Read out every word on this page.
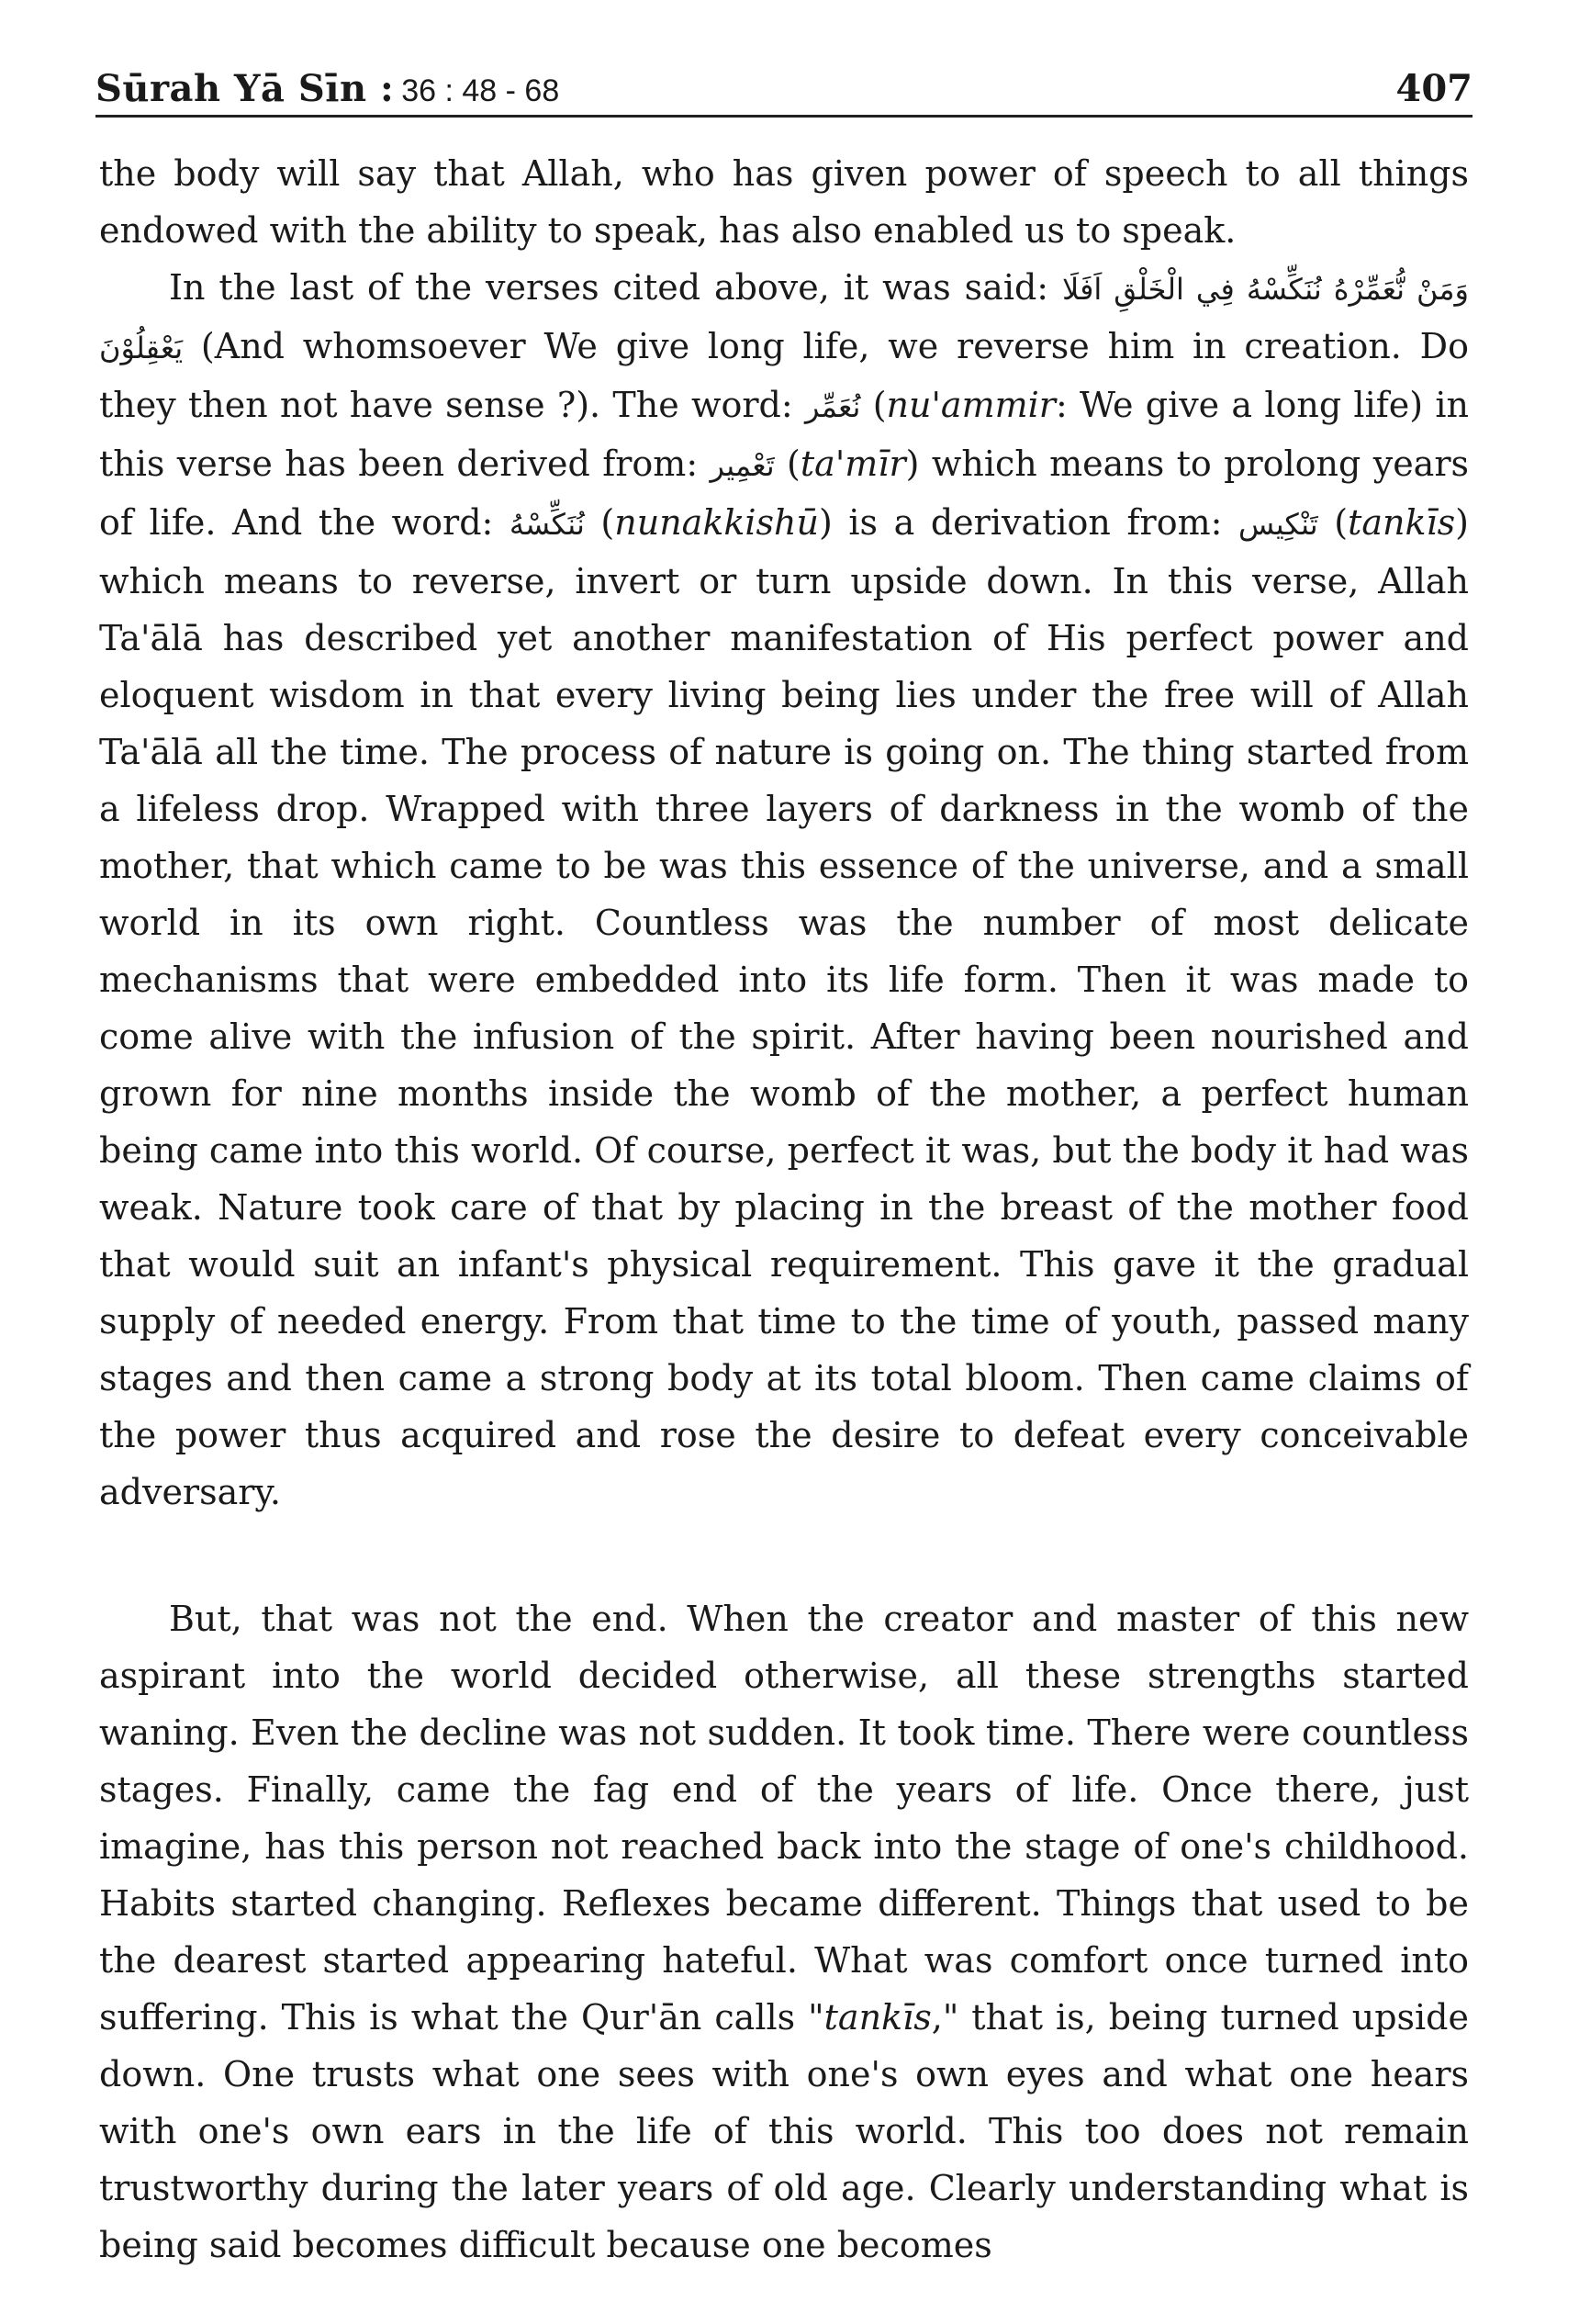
Sūrah Yā Sīn : 36 : 48 - 68	407

the body will say that Allah, who has given power of speech to all things endowed with the ability to speak, has also enabled us to speak.

In the last of the verses cited above, it was said: وَمَنْ نُّعَمِّرْهُ نُنَكِّسْهُ فِي الْخَلْقِ اَفَلَا يَعْقِلُوْنَ (And whomsoever We give long life, we reverse him in creation. Do they then not have sense ?). The word: نُعَمِّر (nu'ammir: We give a long life) in this verse has been derived from: تَعْمِير (ta'mīr) which means to prolong years of life. And the word: نُنَكِّسْهُ (nunakkishū) is a derivation from: تَنْكِيس (tankīs) which means to reverse, invert or turn upside down. In this verse, Allah Ta'ālā has described yet another manifestation of His perfect power and eloquent wisdom in that every living being lies under the free will of Allah Ta'ālā all the time. The process of nature is going on. The thing started from a lifeless drop. Wrapped with three layers of darkness in the womb of the mother, that which came to be was this essence of the universe, and a small world in its own right. Countless was the number of most delicate mechanisms that were embedded into its life form. Then it was made to come alive with the infusion of the spirit. After having been nourished and grown for nine months inside the womb of the mother, a perfect human being came into this world. Of course, perfect it was, but the body it had was weak. Nature took care of that by placing in the breast of the mother food that would suit an infant's physical requirement. This gave it the gradual supply of needed energy. From that time to the time of youth, passed many stages and then came a strong body at its total bloom. Then came claims of the power thus acquired and rose the desire to defeat every conceivable adversary.

But, that was not the end. When the creator and master of this new aspirant into the world decided otherwise, all these strengths started waning. Even the decline was not sudden. It took time. There were countless stages. Finally, came the fag end of the years of life. Once there, just imagine, has this person not reached back into the stage of one's childhood. Habits started changing. Reflexes became different. Things that used to be the dearest started appearing hateful. What was comfort once turned into suffering. This is what the Qur'ān calls "tankīs," that is, being turned upside down. One trusts what one sees with one's own eyes and what one hears with one's own ears in the life of this world. This too does not remain trustworthy during the later years of old age. Clearly understanding what is being said becomes difficult because one becomes
